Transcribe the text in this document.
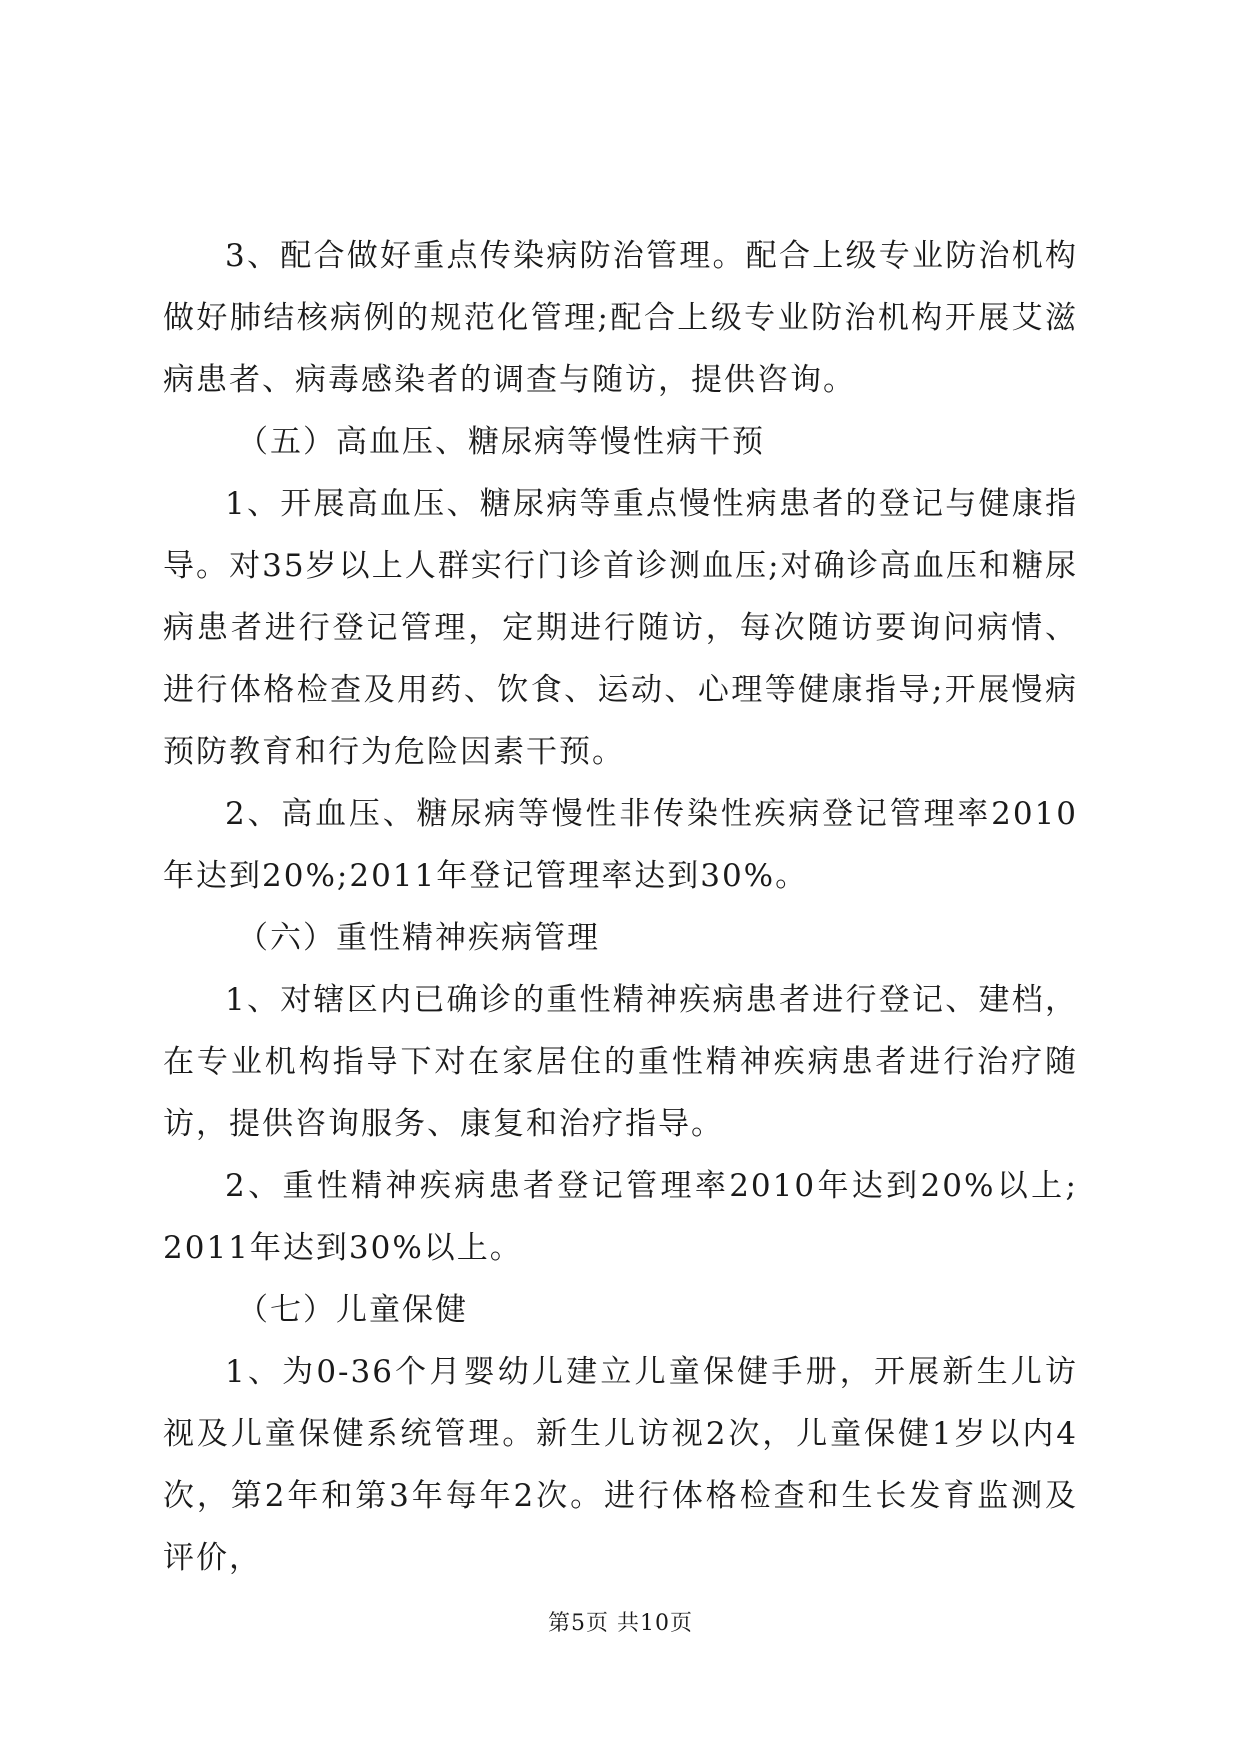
3、配合做好重点传染病防治管理。配合上级专业防治机构做好肺结核病例的规范化管理;配合上级专业防治机构开展艾滋病患者、病毒感染者的调查与随访，提供咨询。

（五）高血压、糖尿病等慢性病干预

1、开展高血压、糖尿病等重点慢性病患者的登记与健康指导。对35岁以上人群实行门诊首诊测血压;对确诊高血压和糖尿病患者进行登记管理，定期进行随访，每次随访要询问病情、进行体格检查及用药、饮食、运动、心理等健康指导;开展慢病预防教育和行为危险因素干预。

2、高血压、糖尿病等慢性非传染性疾病登记管理率2010年达到20%;2011年登记管理率达到30%。

（六）重性精神疾病管理

1、对辖区内已确诊的重性精神疾病患者进行登记、建档，在专业机构指导下对在家居住的重性精神疾病患者进行治疗随访，提供咨询服务、康复和治疗指导。

2、重性精神疾病患者登记管理率2010年达到20%以上; 2011年达到30%以上。

（七）儿童保健

1、为0-36个月婴幼儿建立儿童保健手册，开展新生儿访视及儿童保健系统管理。新生儿访视2次，儿童保健1岁以内4次，第2年和第3年每年2次。进行体格检查和生长发育监测及评价，

第5页 共10页
